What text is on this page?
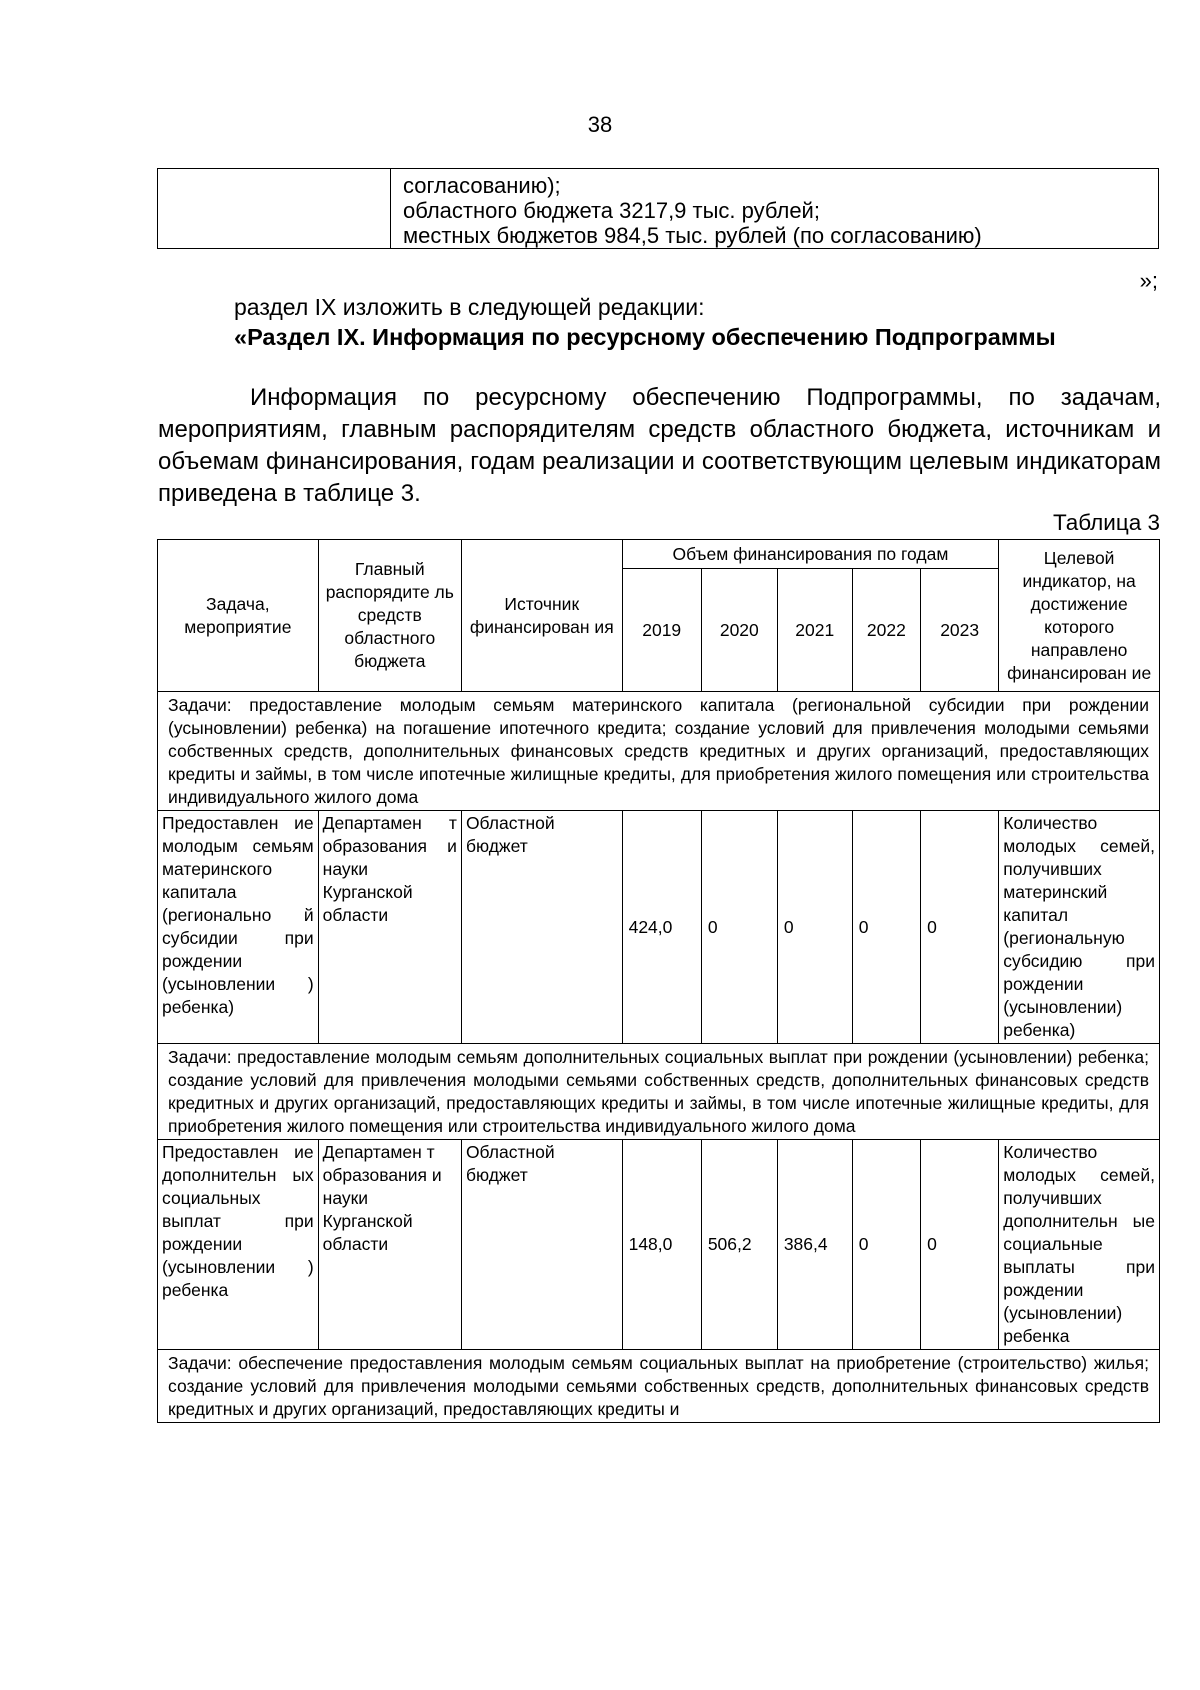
38

согласованию);
областного бюджета 3217,9 тыс. рублей;
местных бюджетов 984,5 тыс. рублей (по согласованию)
»;
раздел IX изложить в следующей редакции:
«Раздел IX. Информация по ресурсному обеспечению Подпрограммы

Информация по ресурсному обеспечению Подпрограммы, по задачам, мероприятиям, главным распорядителям средств областного бюджета, источникам и объемам финансирования, годам реализации и соответствующим целевым индикаторам приведена в таблице 3.

Таблица 3
Задача, мероприятие	Главный распорядите ль средств областного бюджета	Источник финансирован ия	Объем финансирования по годам					Целевой индикатор, на достижение которого направлено финансирован ие
			2019	2020	2021	2022	2023	
Задачи: предоставление молодым семьям материнского капитала (региональной субсидии при рождении (усыновлении) ребенка) на погашение ипотечного кредита; создание условий для привлечения молодыми семьями собственных средств, дополнительных финансовых средств кредитных и других организаций, предоставляющих кредиты и займы, в том числе ипотечные жилищные кредиты, для приобретения жилого помещения или строительства индивидуального жилого дома								
Предоставлен ие молодым семьям материнского капитала (регионально й субсидии при рождении (усыновлении ) ребенка)	Департамен т образования и науки Курганской области	Областной бюджет	424,0	0	0	0	0	Количество молодых семей, получивших материнский капитал (региональную субсидию при рождении (усыновлении) ребенка)
Задачи: предоставление молодым семьям дополнительных социальных выплат при рождении (усыновлении) ребенка; создание условий для привлечения молодыми семьями собственных средств, дополнительных финансовых средств кредитных и других организаций, предоставляющих кредиты и займы, в том числе ипотечные жилищные кредиты, для приобретения жилого помещения или строительства индивидуального жилого дома								
Предоставлен ие дополнительн ых социальных выплат при рождении (усыновлении ) ребенка	Департамен т образования и науки Курганской области	Областной бюджет	148,0	506,2	386,4	0	0	Количество молодых семей, получивших дополнительн ые социальные выплаты при рождении (усыновлении) ребенка
Задачи: обеспечение предоставления молодым семьям социальных выплат на приобретение (строительство) жилья; создание условий для привлечения молодыми семьями собственных средств, дополнительных финансовых средств кредитных и других организаций, предоставляющих кредиты и								
